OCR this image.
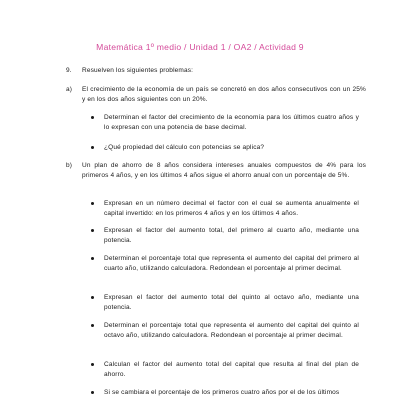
Matemática 1º medio / Unidad 1 / OA2 / Actividad 9
9. Resuelven los siguientes problemas:
a) El crecimiento de la economía de un país se concretó en dos años consecutivos con un 25% y en los dos años siguientes con un 20%.
Determinan el factor del crecimiento de la economía para los últimos cuatro años y lo expresan con una potencia de base decimal.
¿Qué propiedad del cálculo con potencias se aplica?
b) Un plan de ahorro de 8 años considera intereses anuales compuestos de 4% para los primeros 4 años, y en los últimos 4 años sigue el ahorro anual con un porcentaje de 5%.
Expresan en un número decimal el factor con el cual se aumenta anualmente el capital invertido: en los primeros 4 años y en los últimos 4 años.
Expresan el factor del aumento total, del primero al cuarto año, mediante una potencia.
Determinan el porcentaje total que representa el aumento del capital del primero al cuarto año, utilizando calculadora. Redondean el porcentaje al primer decimal.
Expresan el factor del aumento total del quinto al octavo año, mediante una potencia.
Determinan el porcentaje total que representa el aumento del capital del quinto al octavo año, utilizando calculadora. Redondean el porcentaje al primer decimal.
Calculan el factor del aumento total del capital que resulta al final del plan de ahorro.
Si se cambiara el porcentaje de los primeros cuatro años por el de los últimos
